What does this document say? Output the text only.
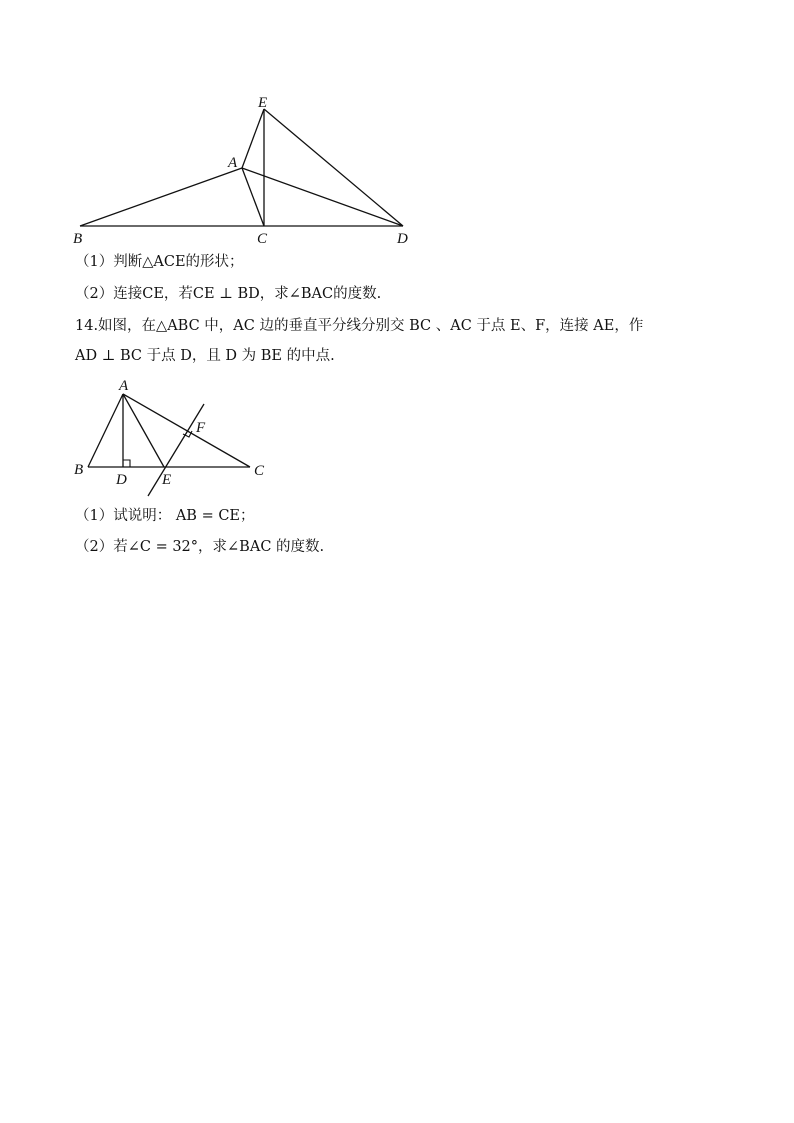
E
A
B	C	D
（1）判断△ACE的形状；
（2）连接CE，若CE ⊥ BD，求∠BAC的度数.
14.如图，在△ABC 中，AC 边的垂直平分线分别交 BC 、AC 于点 E、F，连接 AE，作
AD ⊥ BC 于点 D，且 D 为 BE 的中点.
A
B
D E
C
F
（1）试说明： AB = CE；
（2）若∠C = 32°，求∠BAC 的度数.
